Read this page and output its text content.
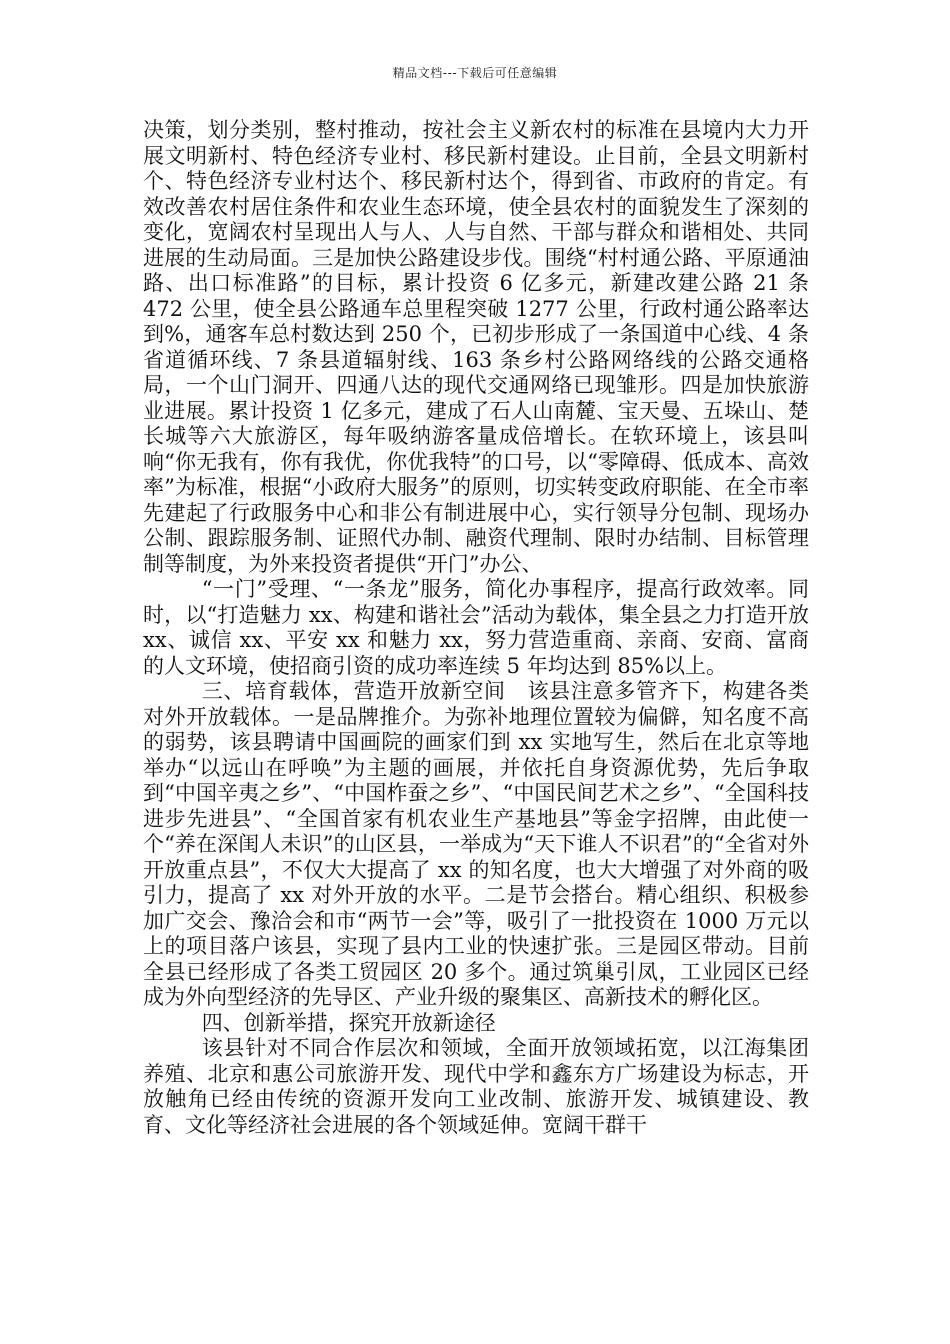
精品文档---下载后可任意编辑

决策，划分类别，整村推动，按社会主义新农村的标准在县境内大力开展文明新村、特色经济专业村、移民新村建设。止目前，全县文明新村个、特色经济专业村达个、移民新村达个，得到省、市政府的肯定。有效改善农村居住条件和农业生态环境，使全县农村的面貌发生了深刻的变化，宽阔农村呈现出人与人、人与自然、干部与群众和谐相处、共同进展的生动局面。三是加快公路建设步伐。围绕“村村通公路、平原通油路、出口标准路”的目标，累计投资 6 亿多元，新建改建公路 21 条 472 公里，使全县公路通车总里程突破 1277 公里，行政村通公路率达到%，通客车总村数达到 250 个，已初步形成了一条国道中心线、4 条省道循环线、7 条县道辐射线、163 条乡村公路网络线的公路交通格局，一个山门洞开、四通八达的现代交通网络已现雏形。四是加快旅游业进展。累计投资 1 亿多元，建成了石人山南麓、宝天曼、五垛山、楚长城等六大旅游区，每年吸纳游客量成倍增长。在软环境上，该县叫响“你无我有，你有我优，你优我特”的口号，以“零障碍、低成本、高效率”为标准，根据“小政府大服务”的原则，切实转变政府职能、在全市率先建起了行政服务中心和非公有制进展中心，实行领导分包制、现场办公制、跟踪服务制、证照代办制、融资代理制、限时办结制、目标管理制等制度，为外来投资者提供“开门”办公、

“一门”受理、“一条龙”服务，简化办事程序，提高行政效率。同时，以“打造魅力 xx、构建和谐社会”活动为载体，集全县之力打造开放 xx、诚信 xx、平安 xx 和魅力 xx，努力营造重商、亲商、安商、富商的人文环境，使招商引资的成功率连续 5 年均达到 85%以上。

三、培育载体，营造开放新空间　该县注意多管齐下，构建各类对外开放载体。一是品牌推介。为弥补地理位置较为偏僻，知名度不高的弱势，该县聘请中国画院的画家们到 xx 实地写生，然后在北京等地举办“以远山在呼唤”为主题的画展，并依托自身资源优势，先后争取到“中国辛夷之乡”、“中国柞蚕之乡”、“中国民间艺术之乡”、“全国科技进步先进县”、“全国首家有机农业生产基地县”等金字招牌，由此使一个“养在深闺人未识”的山区县，一举成为“天下谁人不识君”的“全省对外开放重点县”，不仅大大提高了 xx 的知名度，也大大增强了对外商的吸引力，提高了 xx 对外开放的水平。二是节会搭台。精心组织、积极参加广交会、豫洽会和市“两节一会”等，吸引了一批投资在 1000 万元以上的项目落户该县，实现了县内工业的快速扩张。三是园区带动。目前全县已经形成了各类工贸园区 20 多个。通过筑巢引凤，工业园区已经成为外向型经济的先导区、产业升级的聚集区、高新技术的孵化区。

四、创新举措，探究开放新途径

该县针对不同合作层次和领域，全面开放领域拓宽，以江海集团养殖、北京和惠公司旅游开发、现代中学和鑫东方广场建设为标志，开放触角已经由传统的资源开发向工业改制、旅游开发、城镇建设、教育、文化等经济社会进展的各个领域延伸。宽阔干群干
